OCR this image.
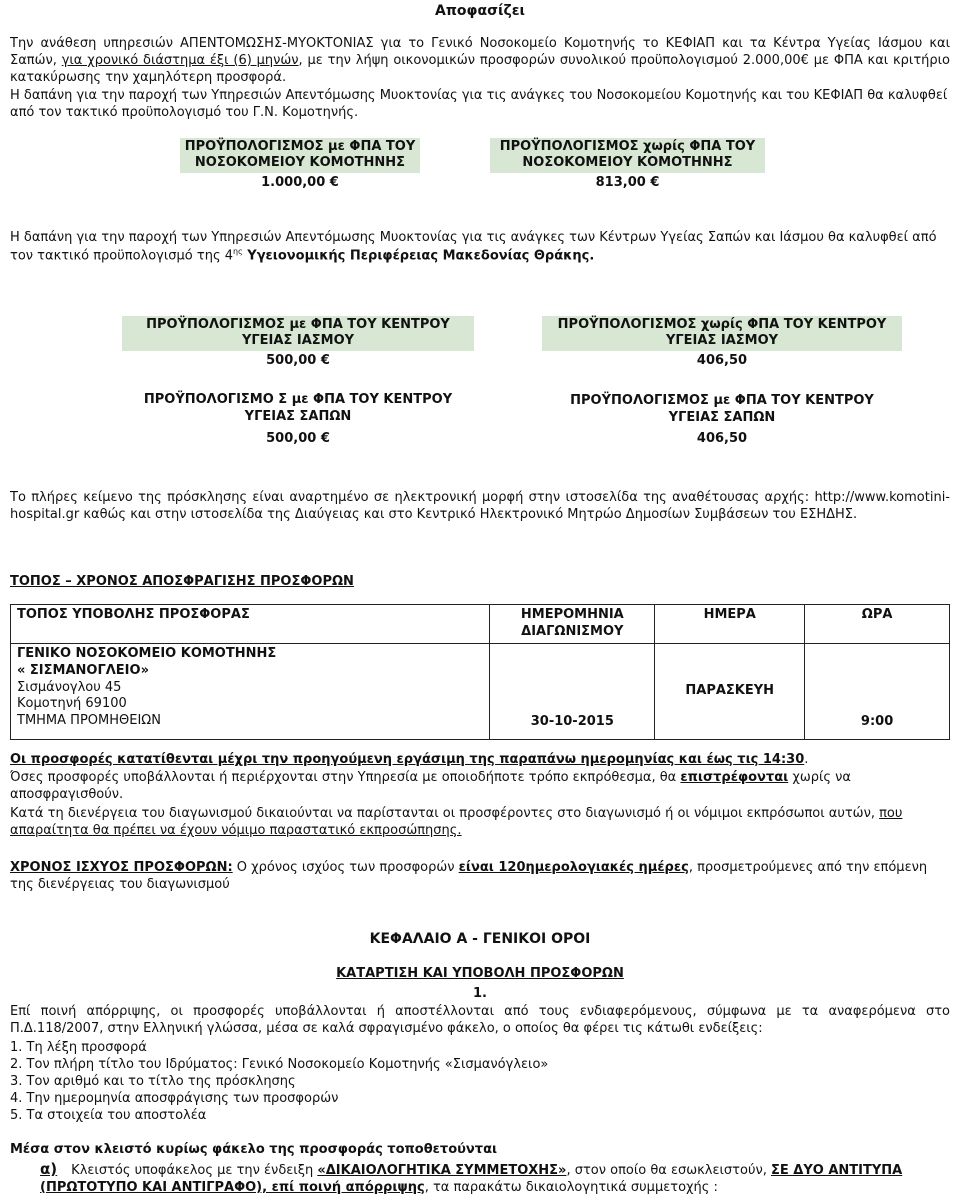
Αποφασίζει
Την ανάθεση υπηρεσιών ΑΠΕΝΤΟΜΩΣΗΣ-ΜΥΟΚΤΟΝΙΑΣ για το Γενικό Νοσοκομείο Κομοτηνής το ΚΕΦΙΑΠ και τα Κέντρα Υγείας Ιάσμου και Σαπών, για χρονικό διάστημα έξι (6) μηνών, με την λήψη οικονομικών προσφορών συνολικού προϋπολογισμού 2.000,00€ με ΦΠΑ και κριτήριο κατακύρωσης την χαμηλότερη προσφορά.
Η δαπάνη για την παροχή των Υπηρεσιών Απεντόμωσης Μυοκτονίας για τις ανάγκες του Νοσοκομείου Κομοτηνής και του ΚΕΦΙΑΠ θα καλυφθεί από τον τακτικό προϋπολογισμό του Γ.Ν. Κομοτηνής.
ΠΡΟΫΠΟΛΟΓΙΣΜΟΣ με ΦΠΑ ΤΟΥ ΝΟΣΟΚΟΜΕΙΟΥ ΚΟΜΟΤΗΝΗΣ		ΠΡΟΫΠΟΛΟΓΙΣΜΟΣ χωρίς ΦΠΑ ΤΟΥ ΝΟΣΟΚΟΜΕΙΟΥ ΚΟΜΟΤΗΝΗΣ
1.000,00 €		813,00 €
Η δαπάνη για την παροχή των Υπηρεσιών Απεντόμωσης Μυοκτονίας για τις ανάγκες των Κέντρων Υγείας Σαπών και Ιάσμου θα καλυφθεί από τον τακτικό προϋπολογισμό της $4^{\eta\varsigma}$ Υγειονομικής Περιφέρειας Μακεδονίας Θράκης.
ΠΡΟΫΠΟΛΟΓΙΣΜΟΣ με ΦΠΑ ΤΟΥ ΚΕΝΤΡΟΥ ΥΓΕΙΑΣ ΙΑΣΜΟΥ		ΠΡΟΫΠΟΛΟΓΙΣΜΟΣ χωρίς ΦΠΑ ΤΟΥ ΚΕΝΤΡΟΥ ΥΓΕΙΑΣ ΙΑΣΜΟΥ
500,00 €		406,50

ΠΡΟΫΠΟΛΟΓΙΣΜΟ Σ με ΦΠΑ ΤΟΥ ΚΕΝΤΡΟΥ ΥΓΕΙΑΣ ΣΑΠΩΝ		ΠΡΟΫΠΟΛΟΓΙΣΜΟΣ με ΦΠΑ ΤΟΥ ΚΕΝΤΡΟΥ ΥΓΕΙΑΣ ΣΑΠΩΝ
500,00 €		406,50
Το πλήρες κείμενο της πρόσκλησης είναι αναρτημένο σε ηλεκτρονική μορφή στην ιστοσελίδα της αναθέτουσας αρχής: http://www.komotini-hospital.gr καθώς και στην ιστοσελίδα της Διαύγειας και στο Κεντρικό Ηλεκτρονικό Μητρώο Δημοσίων Συμβάσεων του ΕΣΗΔΗΣ.
ΤΟΠΟΣ – ΧΡΟΝΟΣ ΑΠΟΣΦΡΑΓΙΣΗΣ ΠΡΟΣΦΟΡΩΝ
ΤΟΠΟΣ ΥΠΟΒΟΛΗΣ ΠΡΟΣΦΟΡΑΣ	ΗΜΕΡΟΜΗΝΙΑ ΔΙΑΓΩΝΙΣΜΟΥ	ΗΜΕΡΑ	ΩΡΑ

ΓΕΝΙΚΟ ΝΟΣΟΚΟΜΕΙΟ ΚΟΜΟΤΗΝΗΣ
« ΣΙΣΜΑΝΟΓΛΕΙΟ»
Σισμάνογλου 45
Κομοτηνή 69100
ΤΜΗΜΑ ΠΡΟΜΗΘΕΙΩΝ	30-10-2015	ΠΑΡΑΣΚΕΥΗ	9:00
Οι προσφορές κατατίθενται μέχρι την προηγούμενη εργάσιμη της παραπάνω ημερομηνίας και έως τις 14:30.
Όσες προσφορές υποβάλλονται ή περιέρχονται στην Υπηρεσία με οποιοδήποτε τρόπο εκπρόθεσμα, θα επιστρέφονται χωρίς να αποσφραγισθούν.
Κατά τη διενέργεια του διαγωνισμού δικαιούνται να παρίστανται οι προσφέροντες στο διαγωνισμό ή οι νόμιμοι εκπρόσωποι αυτών, που απαραίτητα θα πρέπει να έχουν νόμιμο παραστατικό εκπροσώπησης.
ΧΡΟΝΟΣ ΙΣΧΥΟΣ ΠΡΟΣΦΟΡΩΝ: Ο χρόνος ισχύος των προσφορών είναι 120ημερολογιακές ημέρες, προσμετρούμενες από την επόμενη της διενέργειας του διαγωνισμού
ΚΕΦΑΛΑΙΟ Α - ΓΕΝΙΚΟΙ ΟΡΟΙ
ΚΑΤΑΡΤΙΣΗ ΚΑΙ ΥΠΟΒΟΛΗ ΠΡΟΣΦΟΡΩΝ
1.
Επί ποινή απόρριψης, οι προσφορές υποβάλλονται ή αποστέλλονται από τους ενδιαφερόμενους, σύμφωνα με τα αναφερόμενα στο Π.Δ.118/2007, στην Ελληνική γλώσσα, μέσα σε καλά σφραγισμένο φάκελο, ο οποίος θα φέρει τις κάτωθι ενδείξεις:
1. Τη λέξη προσφορά
2. Τον πλήρη τίτλο του Ιδρύματος: Γενικό Νοσοκομείο Κομοτηνής «Σισμανόγλειο»
3. Τον αριθμό και το τίτλο της πρόσκλησης
4. Την ημερομηνία αποσφράγισης των προσφορών
5. Τα στοιχεία του αποστολέα
Μέσα στον κλειστό κυρίως φάκελο της προσφοράς τοποθετούνται
α) Κλειστός υποφάκελος με την ένδειξη «ΔΙΚΑΙΟΛΟΓΗΤΙΚΑ ΣΥΜΜΕΤΟΧΗΣ», στον οποίο θα εσωκλειστούν, ΣΕ ΔΥΟ ΑΝΤΙΤΥΠΑ (ΠΡΩΤΟΤΥΠΟ ΚΑΙ ΑΝΤΙΓΡΑΦΟ), επί ποινή απόρριψης, τα παρακάτω δικαιολογητικά συμμετοχής :
